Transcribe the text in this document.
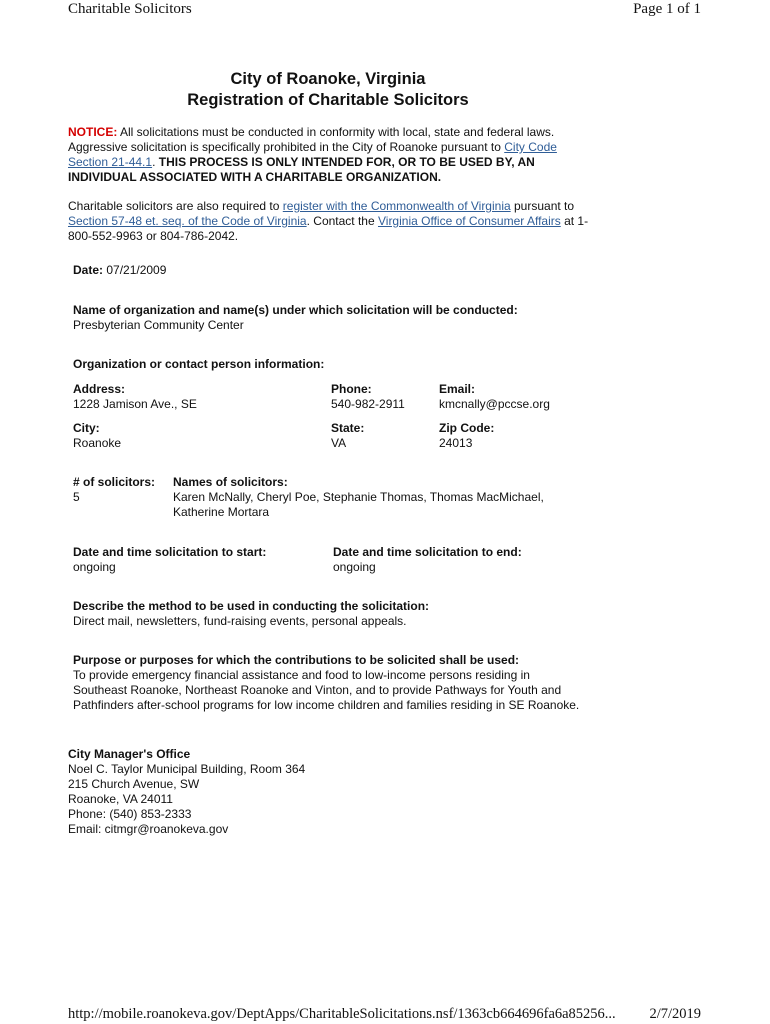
Charitable Solicitors	Page 1 of 1
City of Roanoke, Virginia
Registration of Charitable Solicitors
NOTICE: All solicitations must be conducted in conformity with local, state and federal laws. Aggressive solicitation is specifically prohibited in the City of Roanoke pursuant to City Code Section 21-44.1. THIS PROCESS IS ONLY INTENDED FOR, OR TO BE USED BY, AN INDIVIDUAL ASSOCIATED WITH A CHARITABLE ORGANIZATION.
Charitable solicitors are also required to register with the Commonwealth of Virginia pursuant to Section 57-48 et. seq. of the Code of Virginia. Contact the Virginia Office of Consumer Affairs at 1-800-552-9963 or 804-786-2042.
Date: 07/21/2009
Name of organization and name(s) under which solicitation will be conducted:
Presbyterian Community Center
Organization or contact person information:
Address:
1228 Jamison Ave., SE
Phone:
540-982-2911
Email:
kmcnally@pccse.org
City:
Roanoke
State:
VA
Zip Code:
24013
# of solicitors:
5
Names of solicitors:
Karen McNally, Cheryl Poe, Stephanie Thomas, Thomas MacMichael,
Katherine Mortara
Date and time solicitation to start:
ongoing
Date and time solicitation to end:
ongoing
Describe the method to be used in conducting the solicitation:
Direct mail, newsletters, fund-raising events, personal appeals.
Purpose or purposes for which the contributions to be solicited shall be used:
To provide emergency financial assistance and food to low-income persons residing in Southeast Roanoke, Northeast Roanoke and Vinton, and to provide Pathways for Youth and Pathfinders after-school programs for low income children and families residing in SE Roanoke.
City Manager's Office
Noel C. Taylor Municipal Building, Room 364
215 Church Avenue, SW
Roanoke, VA 24011
Phone: (540) 853-2333
Email: citmgr@roanokeva.gov
http://mobile.roanokeva.gov/DeptApps/CharitableSolicitations.nsf/1363cb664696fa6a85256... 2/7/2019
